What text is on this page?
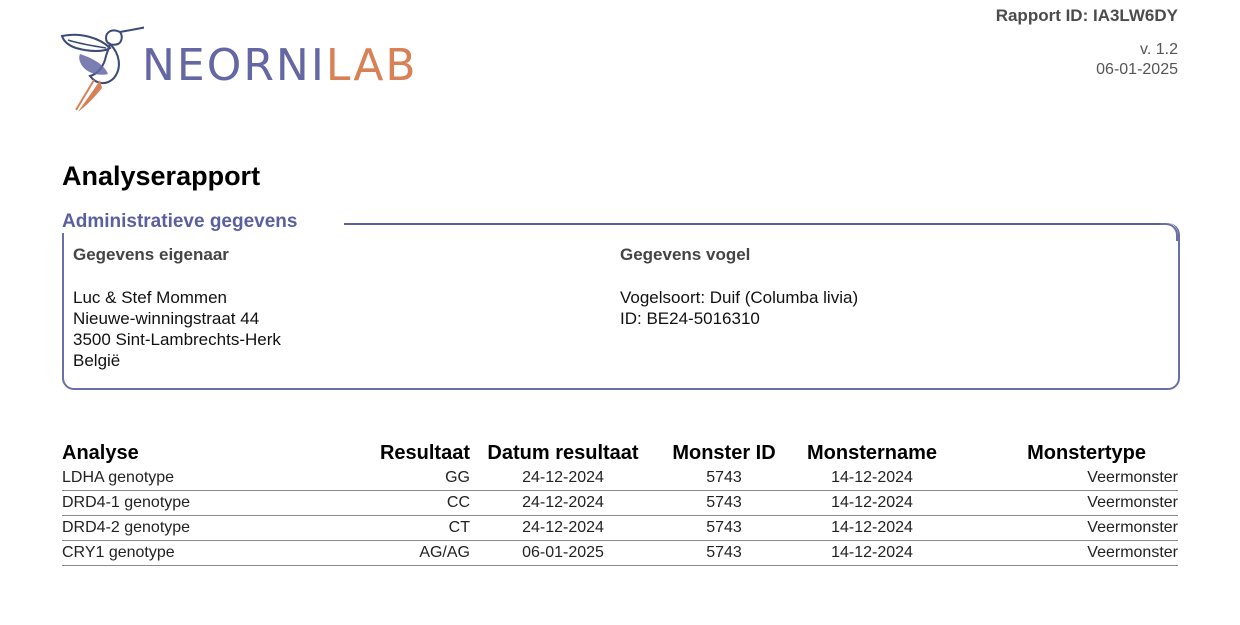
NEORNILAB
Rapport ID: IA3LW6DY
v. 1.2
06-01-2025
Analyserapport
Administratieve gegevens
Gegevens eigenaar
Luc & Stef Mommen
Nieuwe-winningstraat 44
3500 Sint-Lambrechts-Herk
België
Gegevens vogel
Vogelsoort: Duif (Columba livia)
ID: BE24-5016310
Analyse	Resultaat	Datum resultaat	Monster ID	Monstername	Monstertype
LDHA genotype	GG	24-12-2024	5743	14-12-2024	Veermonster
DRD4-1 genotype	CC	24-12-2024	5743	14-12-2024	Veermonster
DRD4-2 genotype	CT	24-12-2024	5743	14-12-2024	Veermonster
CRY1 genotype	AG/AG	06-01-2025	5743	14-12-2024	Veermonster
